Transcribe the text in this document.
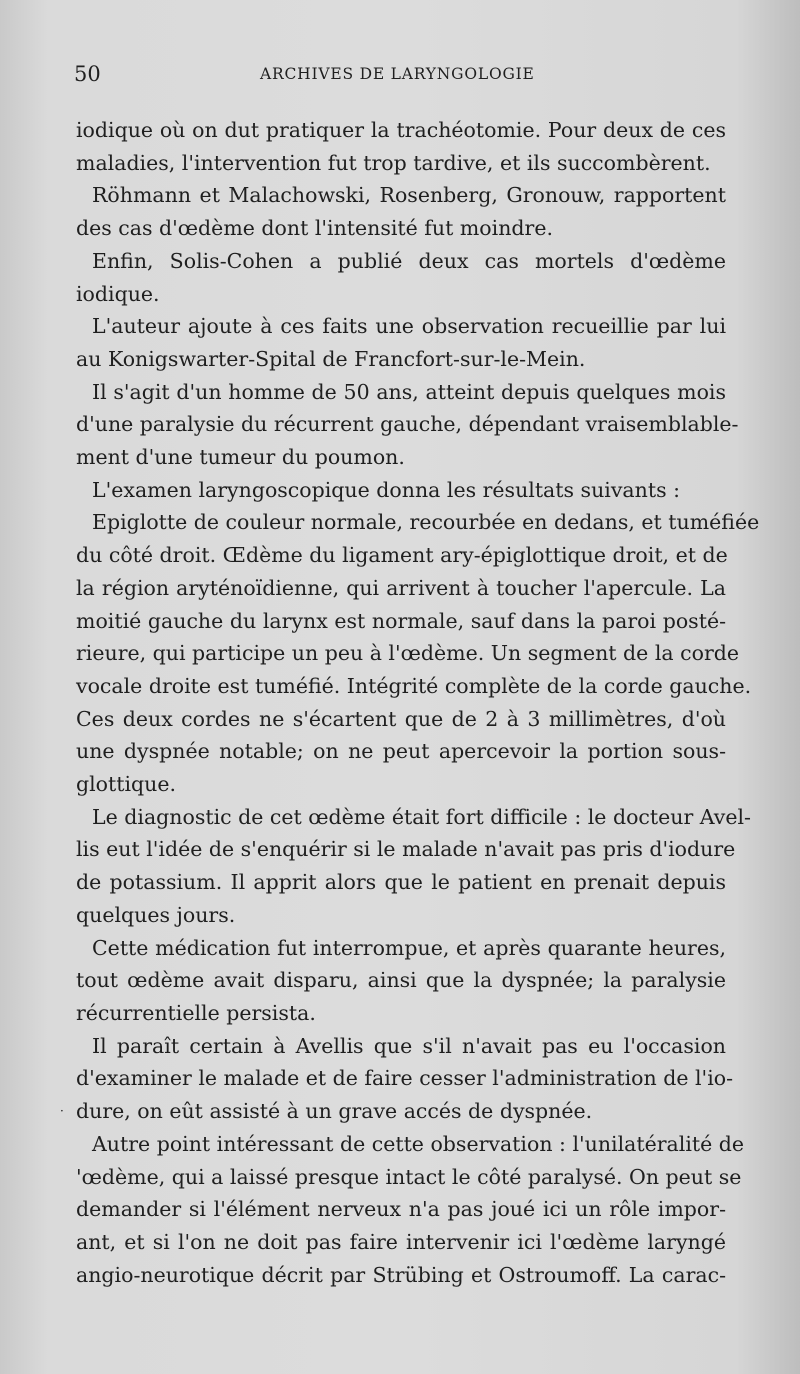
50	ARCHIVES DE LARYNGOLOGIE
·
iodique où on dut pratiquer la trachéotomie. Pour deux de ces
maladies, l'intervention fut trop tardive, et ils succombèrent.
Röhmann et Malachowski, Rosenberg, Gronouw, rapportent
des cas d'œdème dont l'intensité fut moindre.
Enfin, Solis-Cohen a publié deux cas mortels d'œdème
iodique.
L'auteur ajoute à ces faits une observation recueillie par lui
au Konigswarter-Spital de Francfort-sur-le-Mein.
Il s'agit d'un homme de 50 ans, atteint depuis quelques mois
d'une paralysie du récurrent gauche, dépendant vraisemblable-
ment d'une tumeur du poumon.
L'examen laryngoscopique donna les résultats suivants :
Epiglotte de couleur normale, recourbée en dedans, et tuméfiée
du côté droit. Œdème du ligament ary-épiglottique droit, et de
la région aryténoïdienne, qui arrivent à toucher l'apercule. La
moitié gauche du larynx est normale, sauf dans la paroi posté-
rieure, qui participe un peu à l'œdème. Un segment de la corde
vocale droite est tuméfié. Intégrité complète de la corde gauche.
Ces deux cordes ne s'écartent que de 2 à 3 millimètres, d'où
une dyspnée notable; on ne peut apercevoir la portion sous-
glottique.
Le diagnostic de cet œdème était fort difficile : le docteur Avel-
lis eut l'idée de s'enquérir si le malade n'avait pas pris d'iodure
de potassium. Il apprit alors que le patient en prenait depuis
quelques jours.
Cette médication fut interrompue, et après quarante heures,
tout œdème avait disparu, ainsi que la dyspnée; la paralysie
récurrentielle persista.
Il paraît certain à Avellis que s'il n'avait pas eu l'occasion
d'examiner le malade et de faire cesser l'administration de l'io-
dure, on eût assisté à un grave accés de dyspnée.
Autre point intéressant de cette observation : l'unilatéralité de
'œdème, qui a laissé presque intact le côté paralysé. On peut se
demander si l'élément nerveux n'a pas joué ici un rôle impor-
ant, et si l'on ne doit pas faire intervenir ici l'œdème laryngé
angio-neurotique décrit par Strübing et Ostroumoff. La carac-
